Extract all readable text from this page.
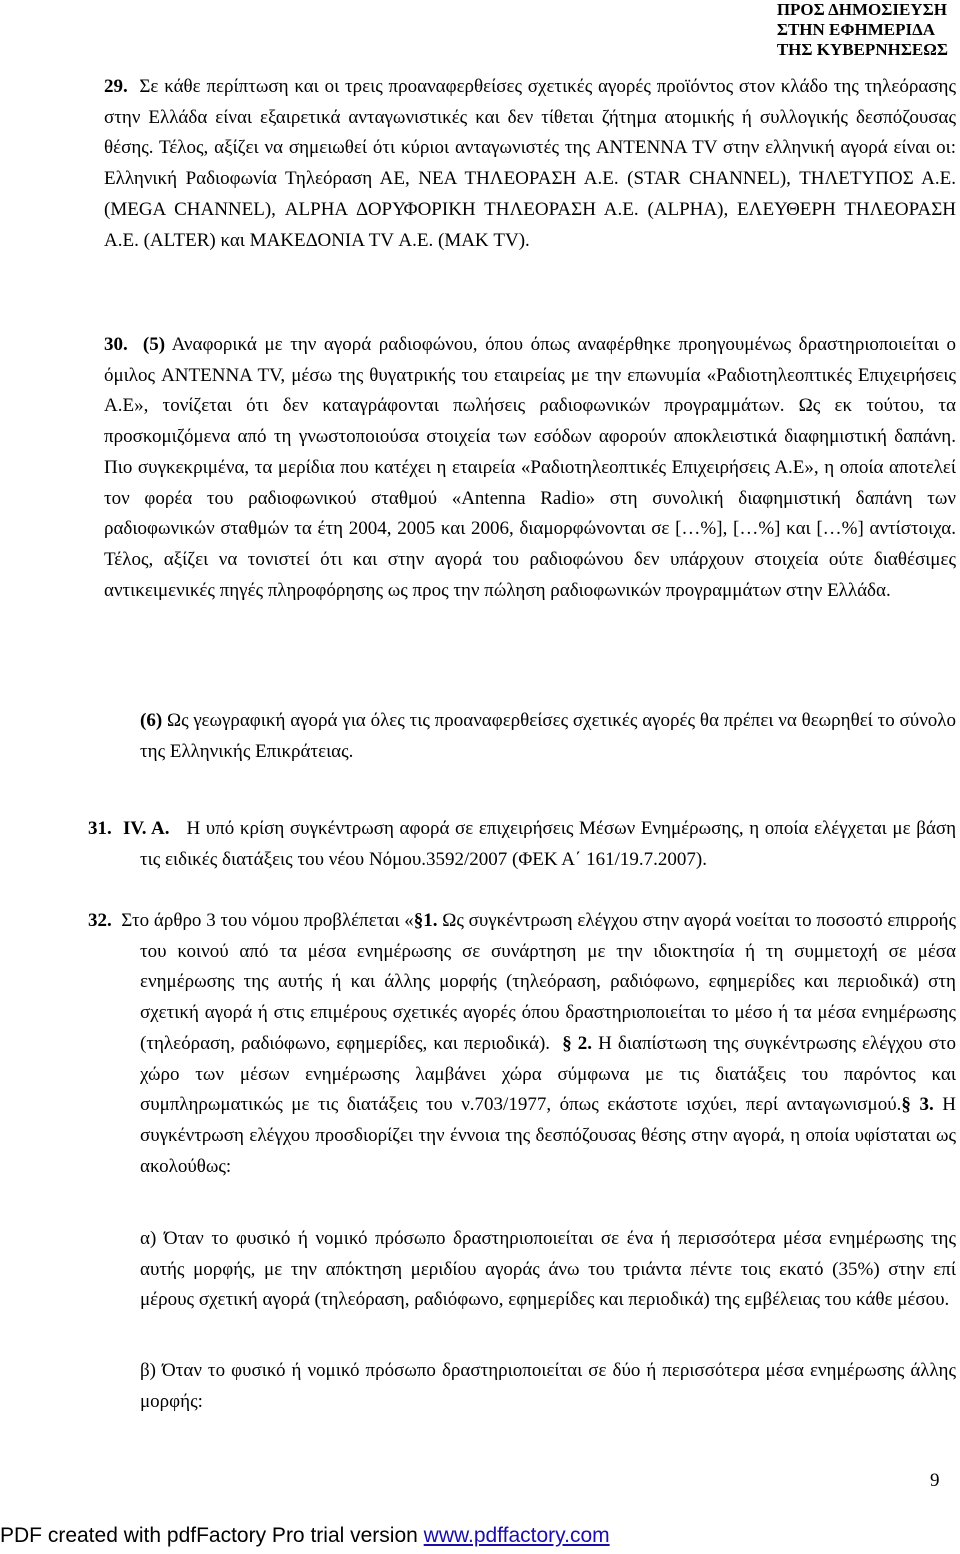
ΠΡΟΣ ΔΗΜΟΣΙΕΥΣΗ
ΣΤΗΝ ΕΦΗΜΕΡΙΔΑ
ΤΗΣ ΚΥΒΕΡΝΗΣΕΩΣ

29. Σε κάθε περίπτωση και οι τρεις προαναφερθείσες σχετικές αγορές προϊόντος στον κλάδο της τηλεόρασης στην Ελλάδα είναι εξαιρετικά ανταγωνιστικές και δεν τίθεται ζήτημα ατομικής ή συλλογικής δεσπόζουσας θέσης. Τέλος, αξίζει να σημειωθεί ότι κύριοι ανταγωνιστές της ANTENNA TV στην ελληνική αγορά είναι οι: Ελληνική Ραδιοφωνία Τηλεόραση ΑΕ, ΝΕΑ ΤΗΛΕΟΡΑΣΗ Α.Ε. (STAR CHANNEL), ΤΗΛΕΤΥΠΟΣ Α.Ε. (MEGA CHANNEL), ALPHA ΔΟΡΥΦΟΡΙΚΗ ΤΗΛΕΟΡΑΣΗ Α.Ε. (ALPHA), ΕΛΕΥΘΕΡΗ ΤΗΛΕΟΡΑΣΗ Α.Ε. (ALTER) και ΜΑΚΕΔΟΝΙΑ TV Α.Ε. (ΜΑΚ TV).

30. (5) Αναφορικά με την αγορά ραδιοφώνου, όπου όπως αναφέρθηκε προηγουμένως δραστηριοποιείται ο όμιλος ANTENNA TV, μέσω της θυγατρικής του εταιρείας με την επωνυμία «Ραδιοτηλεοπτικές Επιχειρήσεις Α.Ε», τονίζεται ότι δεν καταγράφονται πωλήσεις ραδιοφωνικών προγραμμάτων. Ως εκ τούτου, τα προσκομιζόμενα από τη γνωστοποιούσα στοιχεία των εσόδων αφορούν αποκλειστικά διαφημιστική δαπάνη. Πιο συγκεκριμένα, τα μερίδια που κατέχει η εταιρεία «Ραδιοτηλεοπτικές Επιχειρήσεις Α.Ε», η οποία αποτελεί τον φορέα του ραδιοφωνικού σταθμού «Antenna Radio» στη συνολική διαφημιστική δαπάνη των ραδιοφωνικών σταθμών τα έτη 2004, 2005 και 2006, διαμορφώνονται σε […%], […%] και […%] αντίστοιχα. Τέλος, αξίζει να τονιστεί ότι και στην αγορά του ραδιοφώνου δεν υπάρχουν στοιχεία ούτε διαθέσιμες αντικειμενικές πηγές πληροφόρησης ως προς την πώληση ραδιοφωνικών προγραμμάτων στην Ελλάδα.

(6) Ως γεωγραφική αγορά για όλες τις προαναφερθείσες σχετικές αγορές θα πρέπει να θεωρηθεί το σύνολο της Ελληνικής Επικράτειας.

31. IV. A. Η υπό κρίση συγκέντρωση αφορά σε επιχειρήσεις Μέσων Ενημέρωσης, η οποία ελέγχεται με βάση τις ειδικές διατάξεις του νέου Νόμου.3592/2007 (ΦΕΚ Α΄ 161/19.7.2007).

32. Στο άρθρο 3 του νόμου προβλέπεται «§1. Ως συγκέντρωση ελέγχου στην αγορά νοείται το ποσοστό επιρροής του κοινού από τα μέσα ενημέρωσης σε συνάρτηση με την ιδιοκτησία ή τη συμμετοχή σε μέσα ενημέρωσης της αυτής ή και άλλης μορφής (τηλεόραση, ραδιόφωνο, εφημερίδες και περιοδικά) στη σχετική αγορά ή στις επιμέρους σχετικές αγορές όπου δραστηριοποιείται το μέσο ή τα μέσα ενημέρωσης (τηλεόραση, ραδιόφωνο, εφημερίδες, και περιοδικά). § 2. Η διαπίστωση της συγκέντρωσης ελέγχου στο χώρο των μέσων ενημέρωσης λαμβάνει χώρα σύμφωνα με τις διατάξεις του παρόντος και συμπληρωματικώς με τις διατάξεις του ν.703/1977, όπως εκάστοτε ισχύει, περί ανταγωνισμού.§ 3. Η συγκέντρωση ελέγχου προσδιορίζει την έννοια της δεσπόζουσας θέσης στην αγορά, η οποία υφίσταται ως ακολούθως:

α) Όταν το φυσικό ή νομικό πρόσωπο δραστηριοποιείται σε ένα ή περισσότερα μέσα ενημέρωσης της αυτής μορφής, με την απόκτηση μεριδίου αγοράς άνω του τριάντα πέντε τοις εκατό (35%) στην επί μέρους σχετική αγορά (τηλεόραση, ραδιόφωνο, εφημερίδες και περιοδικά) της εμβέλειας του κάθε μέσου.

β) Όταν το φυσικό ή νομικό πρόσωπο δραστηριοποιείται σε δύο ή περισσότερα μέσα ενημέρωσης άλλης μορφής:

9
PDF created with pdfFactory Pro trial version www.pdffactory.com
